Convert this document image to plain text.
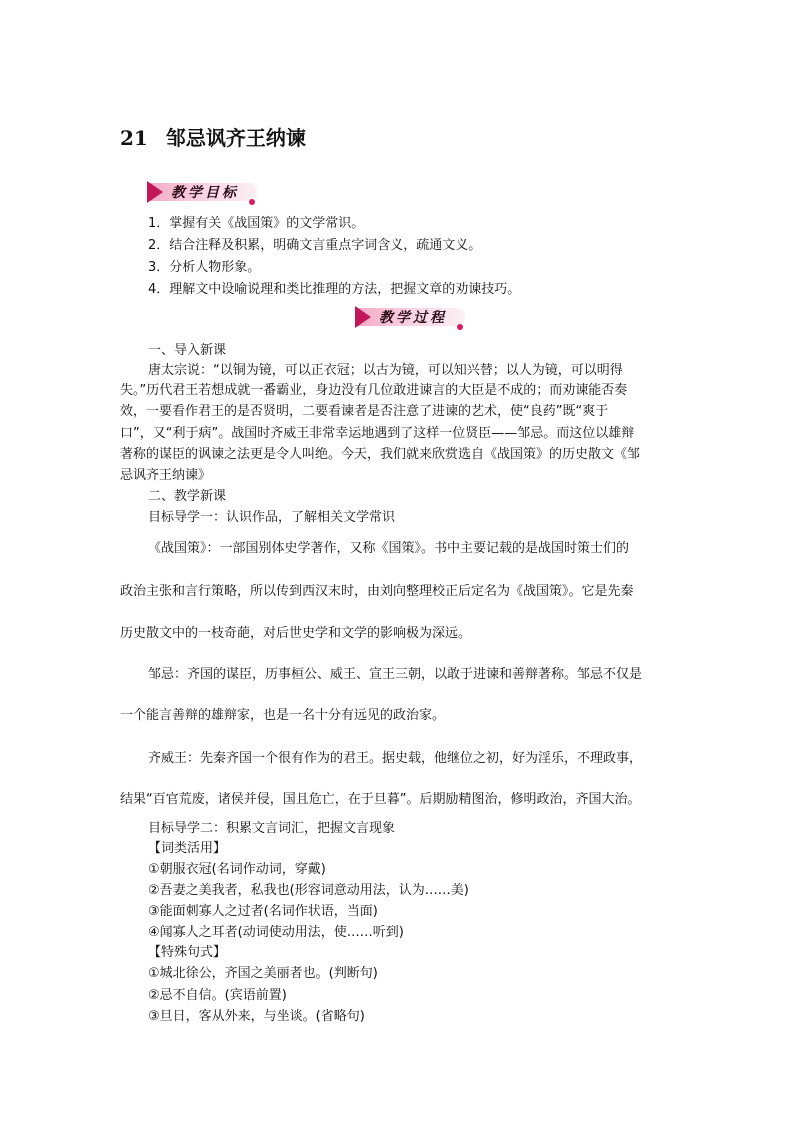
21 邹忌讽齐王纳谏
教学目标
1．掌握有关《战国策》的文学常识。
2．结合注释及积累，明确文言重点字词含义，疏通文义。
3．分析人物形象。
4．理解文中设喻说理和类比推理的方法，把握文章的劝谏技巧。
教学过程
一、导入新课
唐太宗说：“以铜为镜，可以正衣冠；以古为镜，可以知兴替；以人为镜，可以明得
失。”历代君王若想成就一番霸业，身边没有几位敢进谏言的大臣是不成的；而劝谏能否奏
效，一要看作君王的是否贤明，二要看谏者是否注意了进谏的艺术，使“良药”既“爽于
口”，又“利于病”。战国时齐威王非常幸运地遇到了这样一位贤臣——邹忌。而这位以雄辩
著称的谋臣的讽谏之法更是令人叫绝。今天，我们就来欣赏选自《战国策》的历史散文《邹
忌讽齐王纳谏》
二、教学新课
目标导学一：认识作品，了解相关文学常识
《战国策》：一部国别体史学著作，又称《国策》。书中主要记载的是战国时策士们的
政治主张和言行策略，所以传到西汉末时，由刘向整理校正后定名为《战国策》。它是先秦
历史散文中的一枝奇葩，对后世史学和文学的影响极为深远。
邹忌：齐国的谋臣，历事桓公、威王、宣王三朝，以敢于进谏和善辩著称。邹忌不仅是
一个能言善辩的雄辩家，也是一名十分有远见的政治家。
齐威王：先秦齐国一个很有作为的君王。据史载，他继位之初，好为淫乐，不理政事，
结果“百官荒废，诸侯并侵，国且危亡，在于旦暮”。后期励精图治，修明政治，齐国大治。
目标导学二：积累文言词汇，把握文言现象
【词类活用】
①朝服衣冠(名词作动词，穿戴)
②吾妻之美我者，私我也(形容词意动用法，认为……美)
③能面刺寡人之过者(名词作状语，当面)
④闻寡人之耳者(动词使动用法，使……听到)
【特殊句式】
①城北徐公，齐国之美丽者也。(判断句)
②忌不自信。(宾语前置)
③旦日，客从外来，与坐谈。(省略句)
